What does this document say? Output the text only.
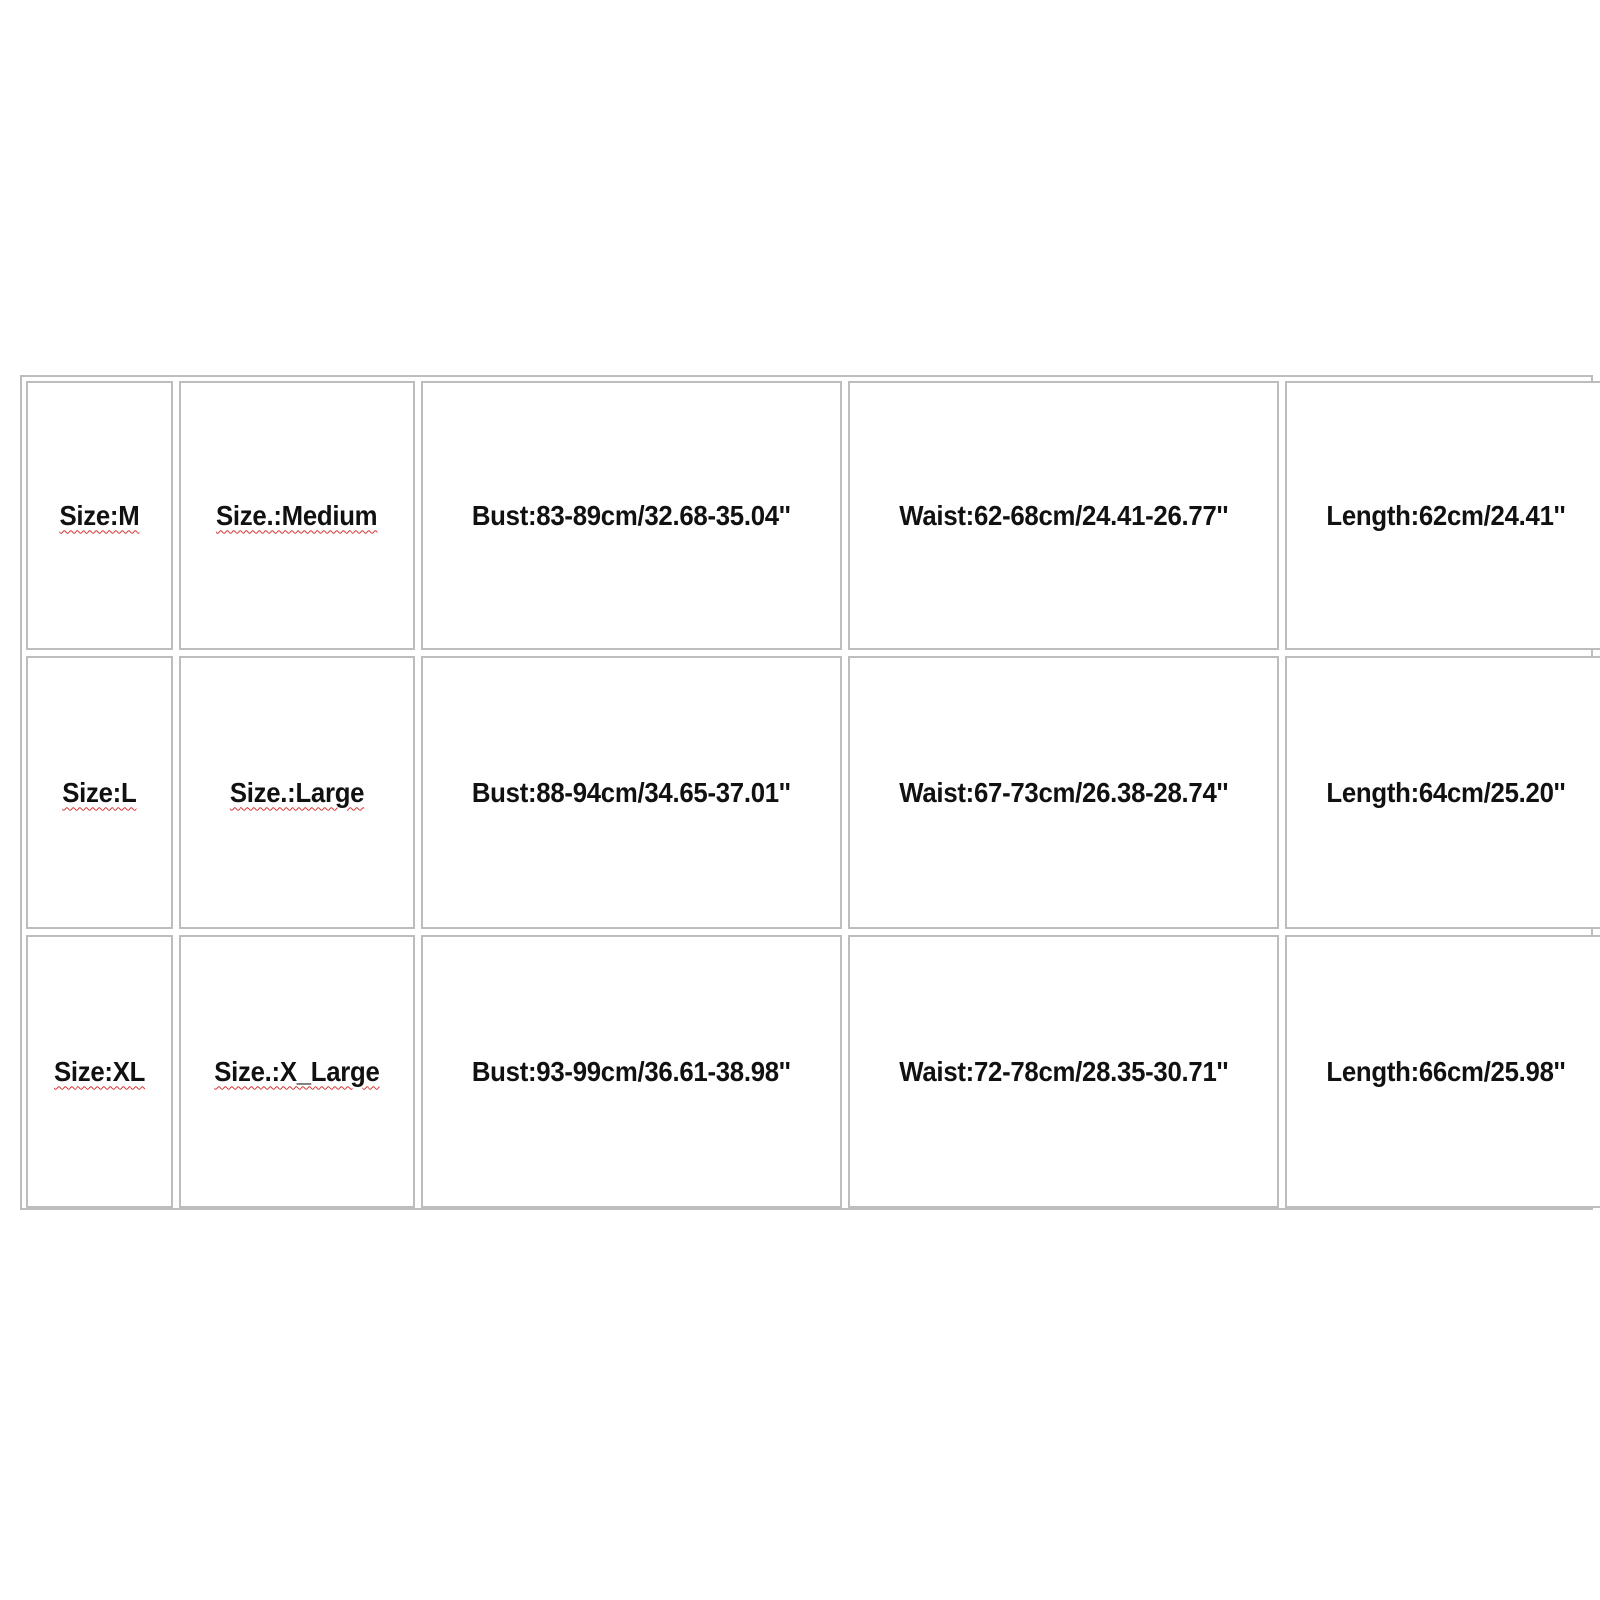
Size:M	Size.:Medium	Bust:83-89cm/32.68-35.04''	Waist:62-68cm/24.41-26.77''	Length:62cm/24.41''
Size:L	Size.:Large	Bust:88-94cm/34.65-37.01''	Waist:67-73cm/26.38-28.74''	Length:64cm/25.20''
Size:XL Size.:X_Large	Bust:93-99cm/36.61-38.98''	Waist:72-78cm/28.35-30.71''	Length:66cm/25.98''
